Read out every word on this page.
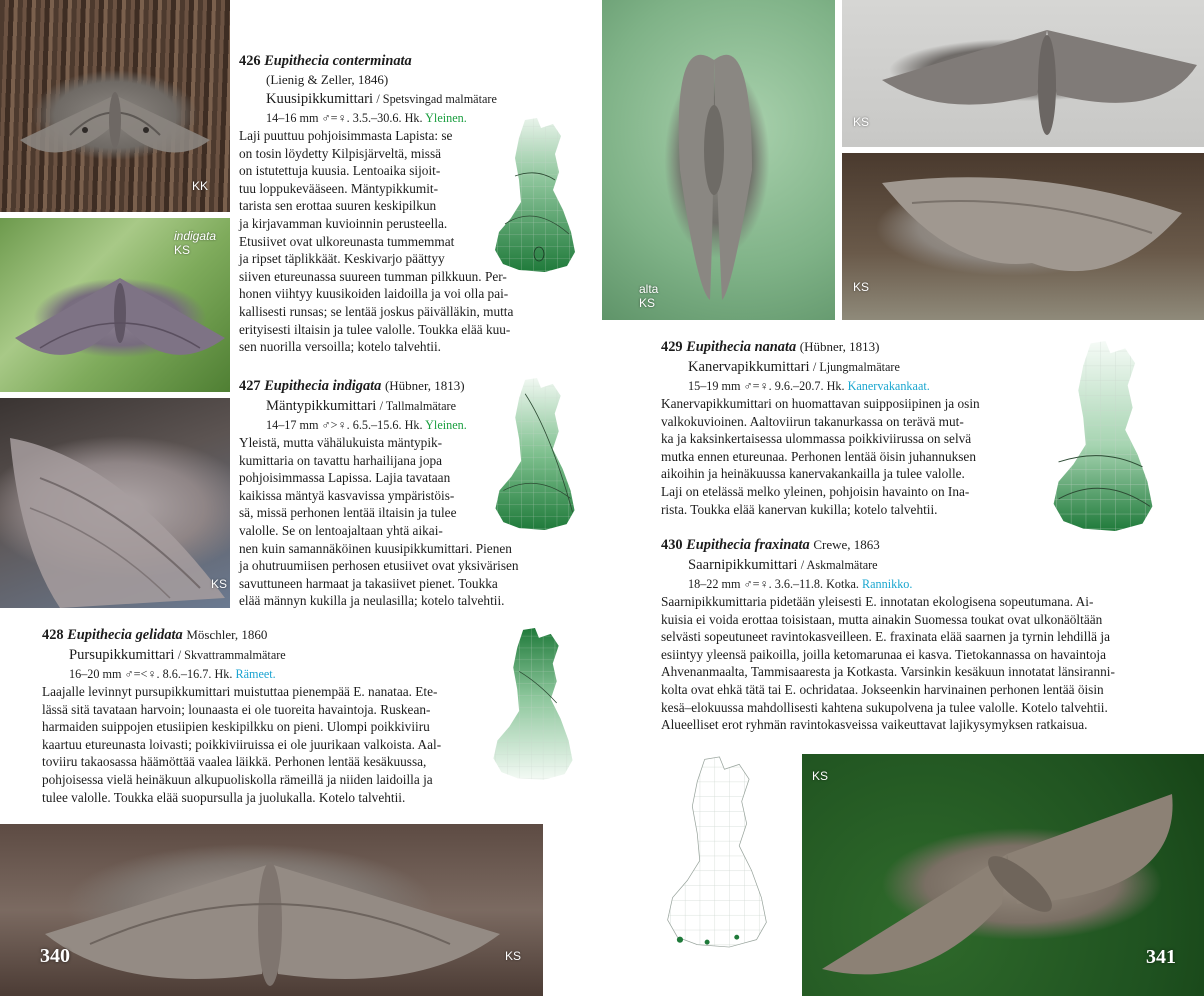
KK
indigata
KS
KS
340	KS
alta
KS
KS
KS
KS
341
426 Eupithecia conterminata
(Lienig & Zeller, 1846)
Kuusipikkumittari / Spetsvingad malmätare
14–16 mm ♂=♀. 3.5.–30.6. Hk. Yleinen.

Laji puuttuu pohjoisimmasta Lapista: se
on tosin löydetty Kilpisjärveltä, missä
on istutettuja kuusia. Lentoaika sijoit-
tuu loppukevääseen. Mäntypikkumit-
tarista sen erottaa suuren keskipilkun
ja kirjavamman kuvioinnin perusteella.
Etusiivet ovat ulkoreunasta tummemmat
ja ripset täplikkäät. Keskivarjo päättyy
siiven etureunassa suureen tumman pilkkuun. Per-
honen viihtyy kuusikoiden laidoilla ja voi olla pai-
kallisesti runsas; se lentää joskus päivälläkin, mutta
erityisesti iltaisin ja tulee valolle. Toukka elää kuu-
sen nuorilla versoilla; kotelo talvehtii.

427 Eupithecia indigata (Hübner, 1813)
Mäntypikkumittari / Tallmalmätare
14–17 mm ♂>♀. 6.5.–15.6. Hk. Yleinen.

Yleistä, mutta vähälukuista mäntypik-
kumittaria on tavattu harhailijana jopa
pohjoisimmassa Lapissa. Lajia tavataan
kaikissa mäntyä kasvavissa ympäristöis-
sä, missä perhonen lentää iltaisin ja tulee
valolle. Se on lentoajaltaan yhtä aikai-
nen kuin samannäköinen kuusipikkumittari. Pienen
ja ohutruumiisen perhosen etusiivet ovat yksivärisen
savuttuneen harmaat ja takasiivet pienet. Toukka
elää männyn kukilla ja neulasilla; kotelo talvehtii.

428 Eupithecia gelidata Möschler, 1860
Pursupikkumittari / Skvattrammalmätare
16–20 mm ♂=<♀. 8.6.–16.7. Hk. Rämeet.

Laajalle levinnyt pursupikkumittari muistuttaa pienempää E. nanataa. Ete-
lässä sitä tavataan harvoin; lounaasta ei ole tuoreita havaintoja. Ruskean-
harmaiden suippojen etusiipien keskipilkku on pieni. Ulompi poikkiviiru
kaartuu etureunasta loivasti; poikkiviiruissa ei ole juurikaan valkoista. Aal-
toviiru takaosassa häämöttää vaalea läikkä. Perhonen lentää kesäkuussa,
pohjoisessa vielä heinäkuun alkupuoliskolla rämeillä ja niiden laidoilla ja
tulee valolle. Toukka elää suopursulla ja juolukalla. Kotelo talvehtii.

429 Eupithecia nanata (Hübner, 1813)
Kanervapikkumittari / Ljungmalmätare
15–19 mm ♂=♀. 9.6.–20.7. Hk. Kanervakankaat.

Kanervapikkumittari on huomattavan suipposiipinen ja osin
valkokuvioinen. Aaltoviirun takanurkassa on terävä mut-
ka ja kaksinkertaisessa ulommassa poikkiviirussa on selvä
mutka ennen etureunaa. Perhonen lentää öisin juhannuksen
aikoihin ja heinäkuussa kanervakankailla ja tulee valolle.
Laji on etelässä melko yleinen, pohjoisin havainto on Ina-
rista. Toukka elää kanervan kukilla; kotelo talvehtii.

430 Eupithecia fraxinata Crewe, 1863
Saarnipikkumittari / Askmalmätare
18–22 mm ♂=♀. 3.6.–11.8. Kotka. Rannikko.

Saarnipikkumittaria pidetään yleisesti E. innotatan ekologisena sopeutumana. Ai-
kuisia ei voida erottaa toisistaan, mutta ainakin Suomessa toukat ovat ulkonäöltään
selvästi sopeutuneet ravintokasveilleen. E. fraxinata elää saarnen ja tyrnin lehdillä ja
esiintyy yleensä paikoilla, joilla ketomarunaa ei kasva. Tietokannassa on havaintoja
Ahvenanmaalta, Tammisaaresta ja Kotkasta. Varsinkin kesäkuun innotatat länsiranni-
kolta ovat ehkä tätä tai E. ochridataa. Jokseenkin harvinainen perhonen lentää öisin
kesä–elokuussa mahdollisesti kahtena sukupolvena ja tulee valolle. Kotelo talvehtii.
Alueelliset erot ryhmän ravintokasveissa vaikeuttavat lajikysymyksen ratkaisua.
